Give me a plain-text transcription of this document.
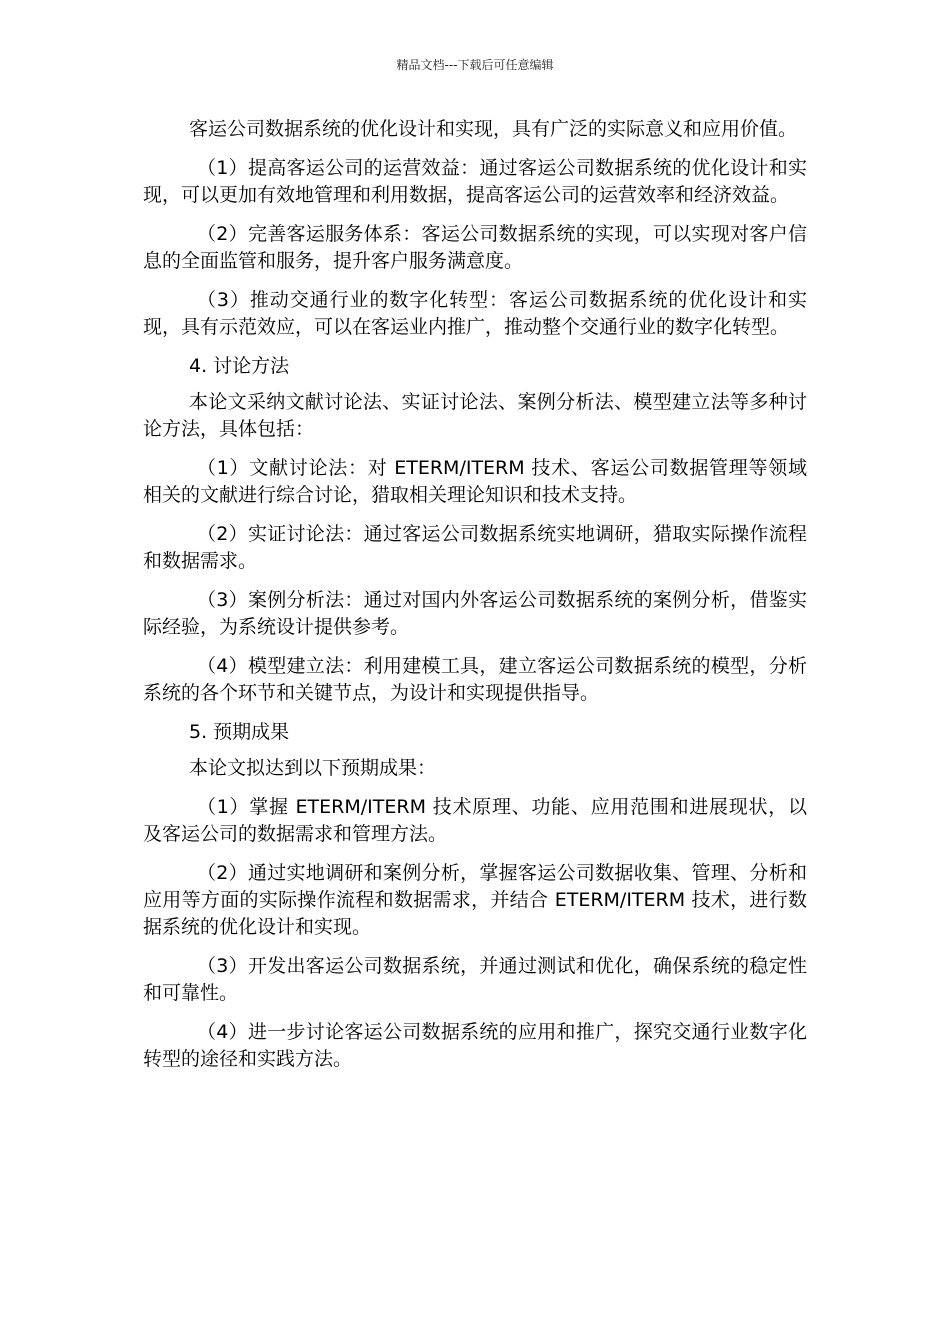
精品文档---下载后可任意编辑

客运公司数据系统的优化设计和实现，具有广泛的实际意义和应用价值。

（1）提高客运公司的运营效益：通过客运公司数据系统的优化设计和实现，可以更加有效地管理和利用数据，提高客运公司的运营效率和经济效益。

（2）完善客运服务体系：客运公司数据系统的实现，可以实现对客户信息的全面监管和服务，提升客户服务满意度。

（3）推动交通行业的数字化转型：客运公司数据系统的优化设计和实现，具有示范效应，可以在客运业内推广，推动整个交通行业的数字化转型。

4. 讨论方法

本论文采纳文献讨论法、实证讨论法、案例分析法、模型建立法等多种讨论方法，具体包括：

（1）文献讨论法：对 ETERM/ITERM 技术、客运公司数据管理等领域相关的文献进行综合讨论，猎取相关理论知识和技术支持。

（2）实证讨论法：通过客运公司数据系统实地调研，猎取实际操作流程和数据需求。

（3）案例分析法：通过对国内外客运公司数据系统的案例分析，借鉴实际经验，为系统设计提供参考。

（4）模型建立法：利用建模工具，建立客运公司数据系统的模型，分析系统的各个环节和关键节点，为设计和实现提供指导。

5. 预期成果

本论文拟达到以下预期成果：

（1）掌握 ETERM/ITERM 技术原理、功能、应用范围和进展现状，以及客运公司的数据需求和管理方法。

（2）通过实地调研和案例分析，掌握客运公司数据收集、管理、分析和应用等方面的实际操作流程和数据需求，并结合 ETERM/ITERM 技术，进行数据系统的优化设计和实现。

（3）开发出客运公司数据系统，并通过测试和优化，确保系统的稳定性和可靠性。

（4）进一步讨论客运公司数据系统的应用和推广，探究交通行业数字化转型的途径和实践方法。
